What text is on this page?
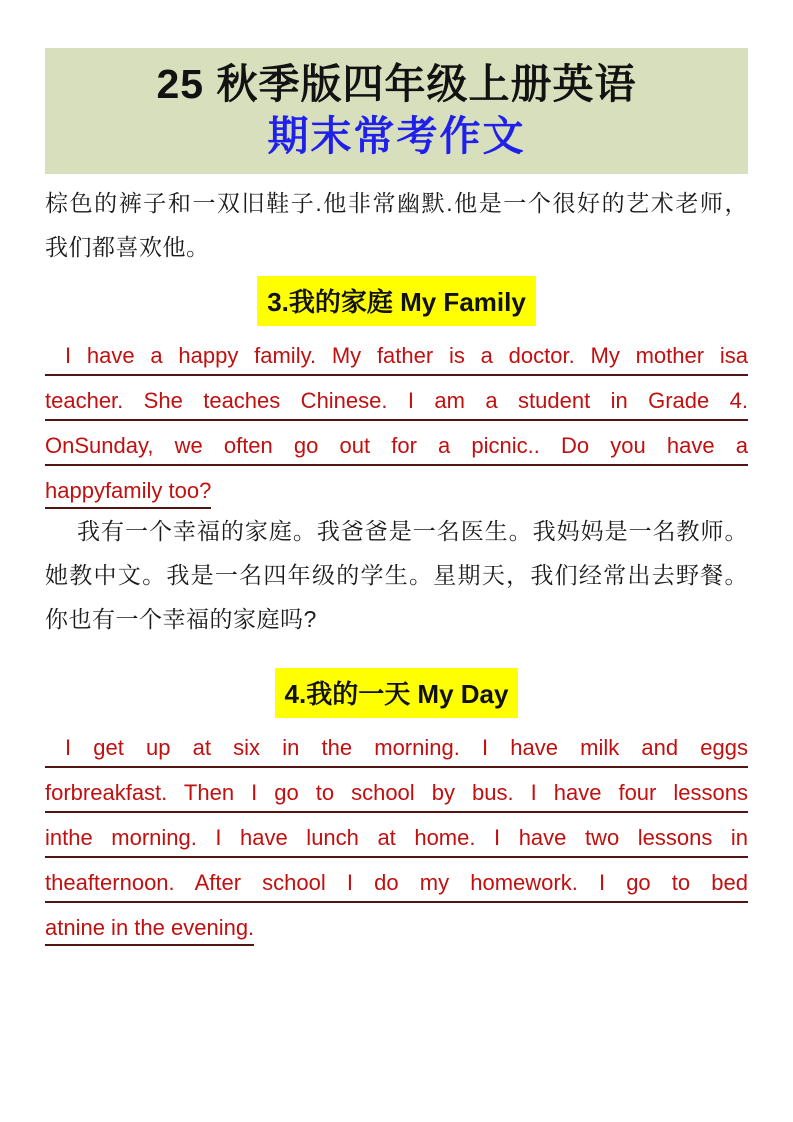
25 秋季版四年级上册英语
期末常考作文
棕色的裤子和一双旧鞋子.他非常幽默.他是一个很好的艺术老师，
我们都喜欢他。
3.我的家庭 My Family
I have a happy family. My father is a doctor. My mother isa
teacher. She teaches Chinese. I am a student in Grade 4.
OnSunday, we often go out for a picnic.. Do you have a
happyfamily too?
我有一个幸福的家庭。我爸爸是一名医生。我妈妈是一名教师。
她教中文。我是一名四年级的学生。星期天，我们经常出去野餐。
你也有一个幸福的家庭吗?
4.我的一天 My Day
I get up at six in the morning. I have milk and eggs
forbreakfast. Then I go to school by bus. I have four lessons
inthe morning. I have lunch at home. I have two lessons in
theafternoon. After school I do my homework. I go to bed
atnine in the evening.
